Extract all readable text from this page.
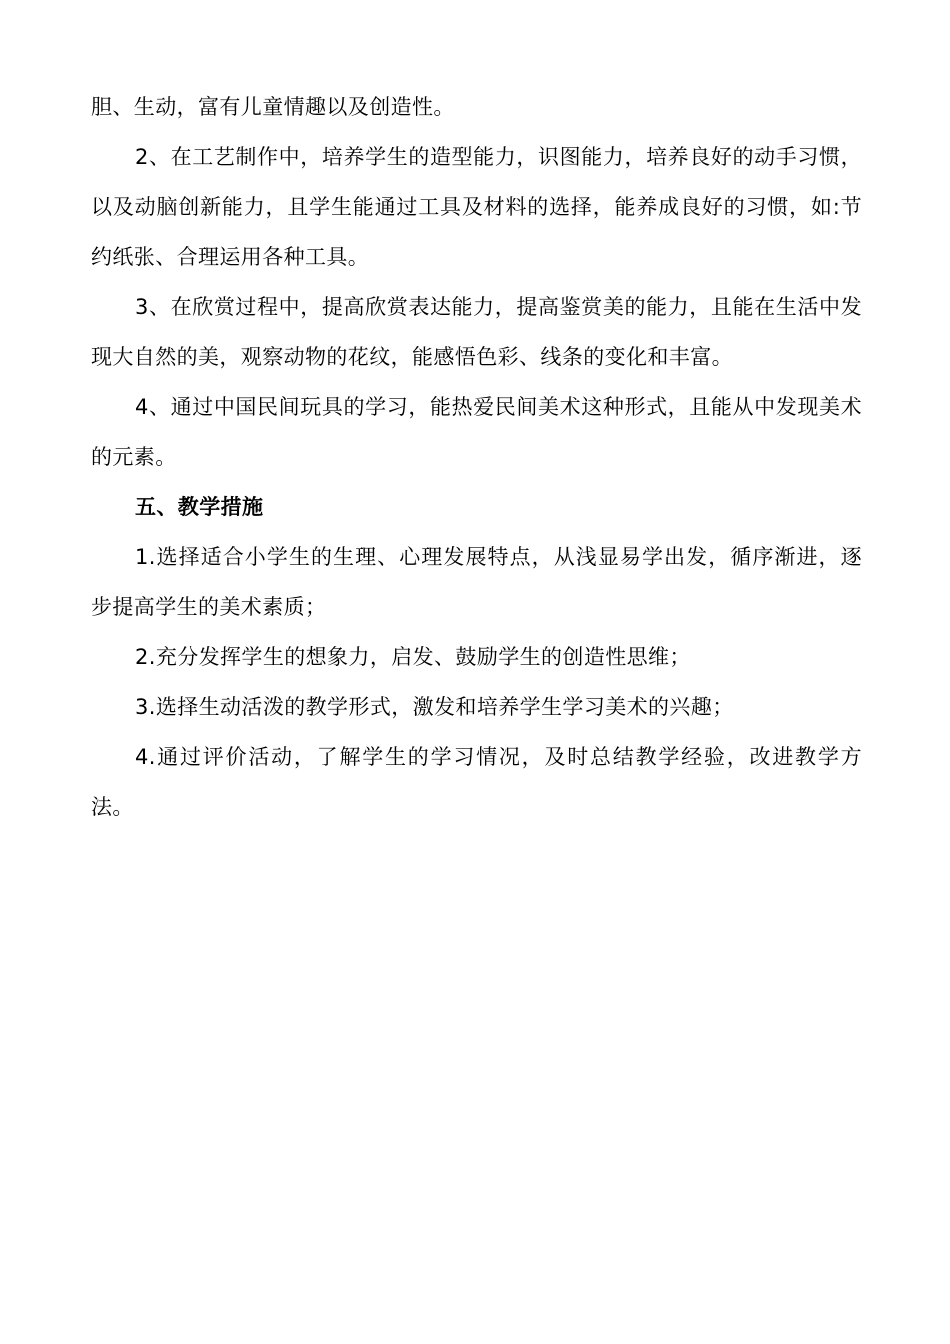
胆、生动，富有儿童情趣以及创造性。

2、在工艺制作中，培养学生的造型能力，识图能力，培养良好的动手习惯，以及动脑创新能力，且学生能通过工具及材料的选择，能养成良好的习惯，如:节约纸张、合理运用各种工具。

3、在欣赏过程中，提高欣赏表达能力，提高鉴赏美的能力，且能在生活中发现大自然的美，观察动物的花纹，能感悟色彩、线条的变化和丰富。

4、通过中国民间玩具的学习，能热爱民间美术这种形式，且能从中发现美术的元素。

五、教学措施

1.选择适合小学生的生理、心理发展特点，从浅显易学出发，循序渐进，逐步提高学生的美术素质；

2.充分发挥学生的想象力，启发、鼓励学生的创造性思维；

3.选择生动活泼的教学形式，激发和培养学生学习美术的兴趣；

4.通过评价活动，了解学生的学习情况，及时总结教学经验，改进教学方法。
